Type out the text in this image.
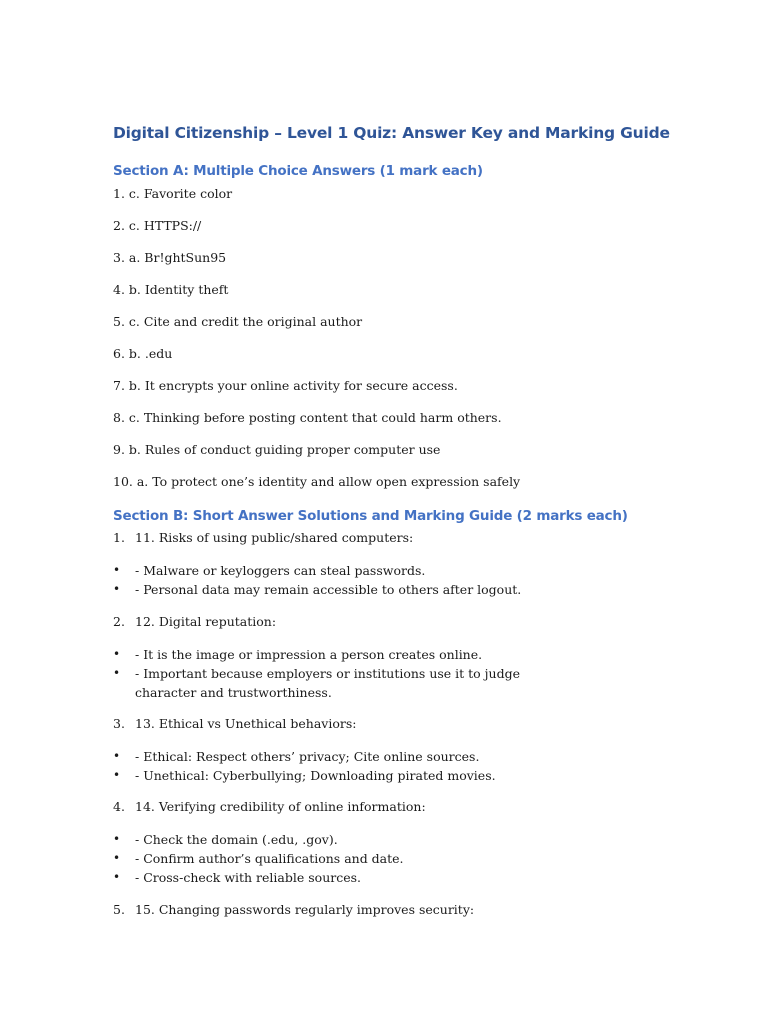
Digital Citizenship – Level 1 Quiz: Answer Key and Marking Guide
Section A: Multiple Choice Answers (1 mark each)
1. c. Favorite color
2. c. HTTPS://
3. a. Br!ghtSun95
4. b. Identity theft
5. c. Cite and credit the original author
6. b. .edu
7. b. It encrypts your online activity for secure access.
8. c. Thinking before posting content that could harm others.
9. b. Rules of conduct guiding proper computer use
10. a. To protect one’s identity and allow open expression safely
Section B: Short Answer Solutions and Marking Guide (2 marks each)
1. 11. Risks of using public/shared computers:
• - Malware or keyloggers can steal passwords.
• - Personal data may remain accessible to others after logout.
2. 12. Digital reputation:
• - It is the image or impression a person creates online.
• - Important because employers or institutions use it to judge character and trustworthiness.
3. 13. Ethical vs Unethical behaviors:
• - Ethical: Respect others’ privacy; Cite online sources.
• - Unethical: Cyberbullying; Downloading pirated movies.
4. 14. Verifying credibility of online information:
• - Check the domain (.edu, .gov).
• - Confirm author’s qualifications and date.
• - Cross-check with reliable sources.
5. 15. Changing passwords regularly improves security:
